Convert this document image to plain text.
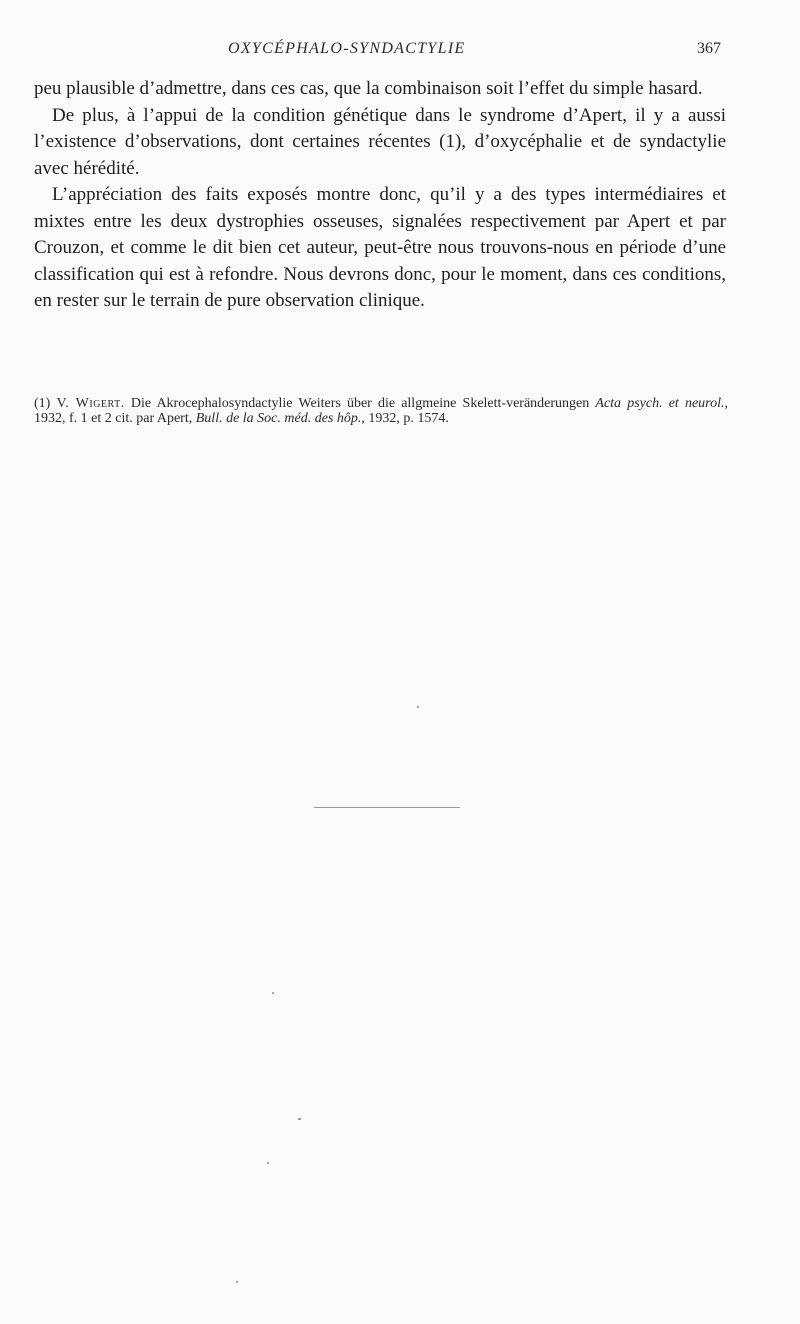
OXYCÉPHALO-SYNDACTYLIE	367

peu plausible d’admettre, dans ces cas, que la combinaison soit l’effet du simple hasard.

De plus, à l’appui de la condition génétique dans le syndrome d’Apert, il y a aussi l’existence d’observations, dont certaines récentes (1), d’oxycéphalie et de syndactylie avec hérédité.

L’appréciation des faits exposés montre donc, qu’il y a des types intermédiaires et mixtes entre les deux dystrophies osseuses, signalées respectivement par Apert et par Crouzon, et comme le dit bien cet auteur, peut-être nous trouvons-nous en période d’une classification qui est à refondre. Nous devrons donc, pour le moment, dans ces conditions, en rester sur le terrain de pure observation clinique.

(1) V. Wigert. Die Akrocephalosyndactylie Weiters über die allgmeine Skelett-veränderungen Acta psych. et neurol., 1932, f. 1 et 2 cit. par Apert, Bull. de la Soc. méd. des hôp., 1932, p. 1574.
